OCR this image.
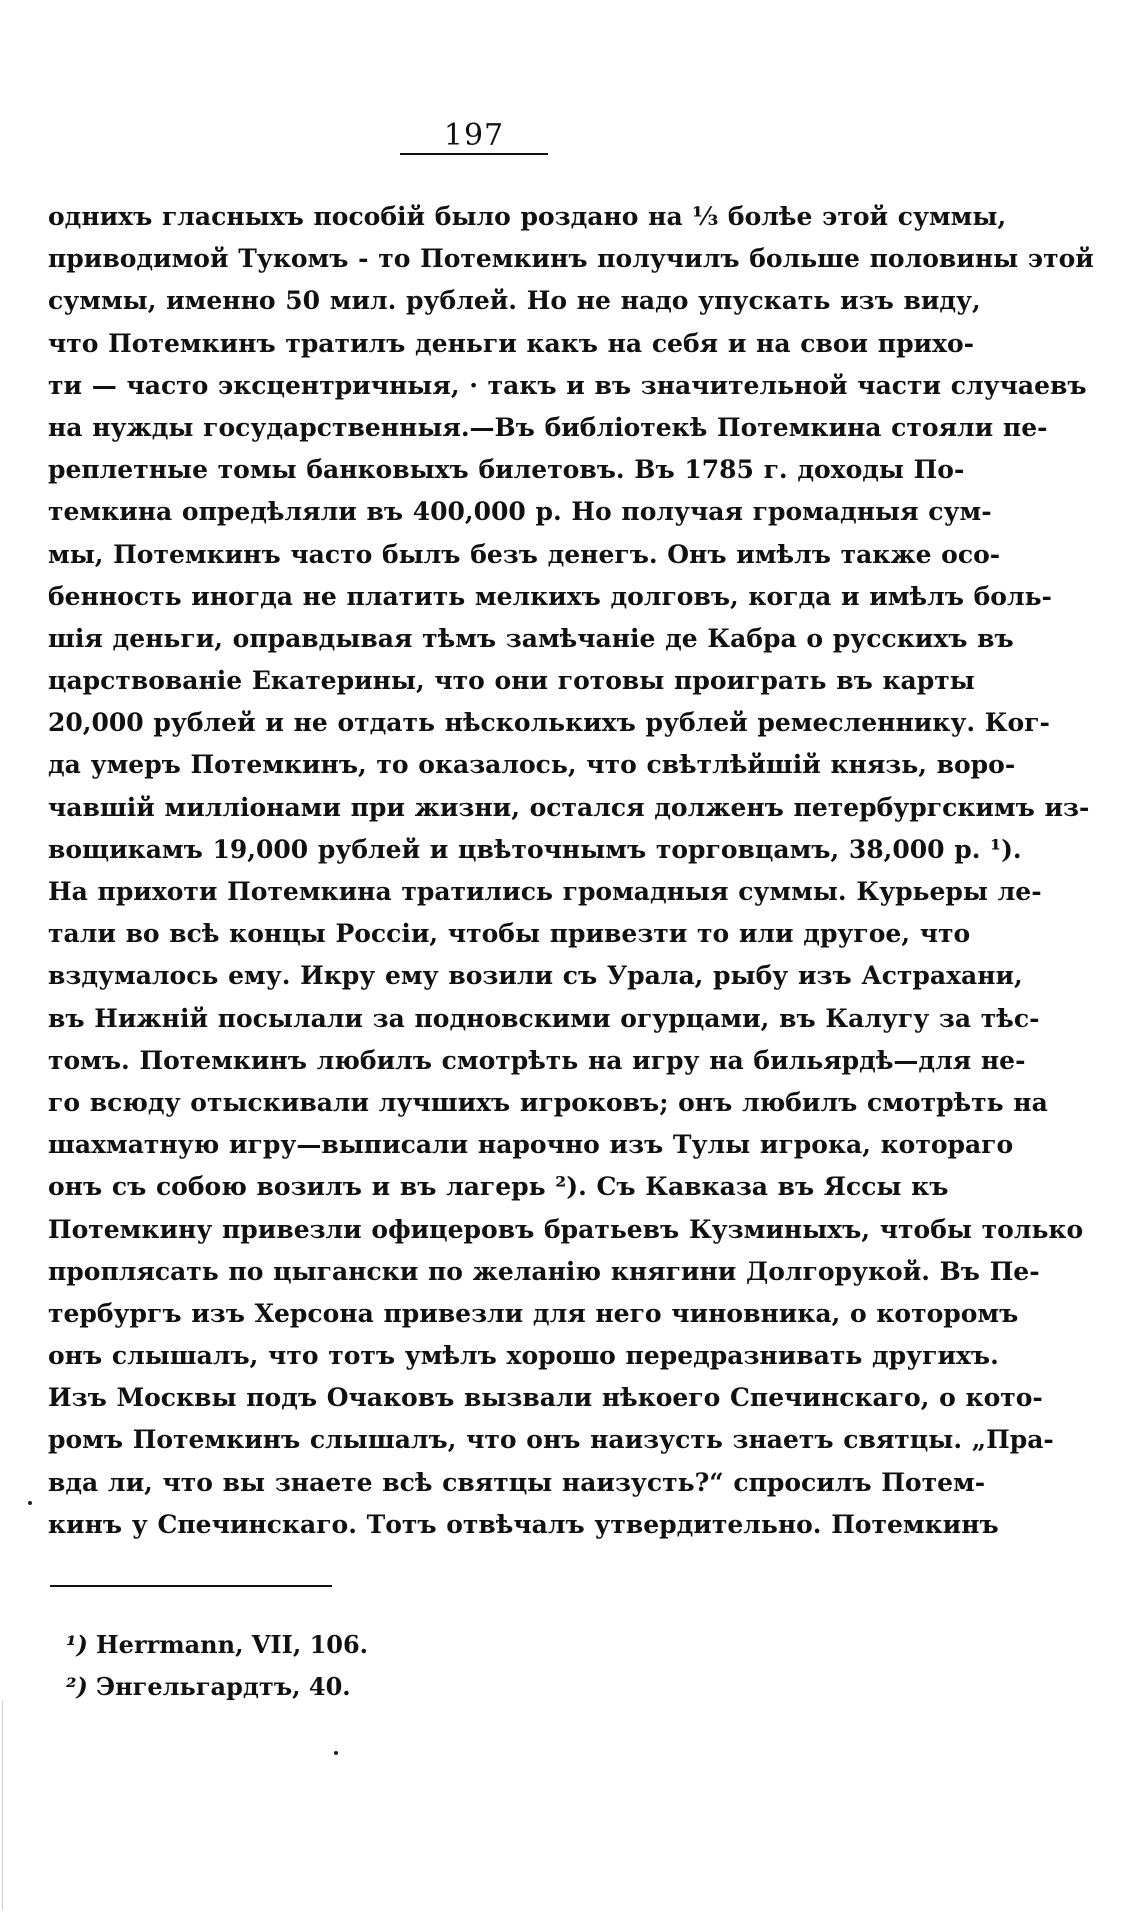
197
однихъ гласныхъ пособій было роздано на ⅓ болѣе этой суммы,
приводимой Тукомъ - то Потемкинъ получилъ больше половины этой
суммы, именно 50 мил. рублей. Но не надо упускать изъ виду,
что Потемкинъ тратилъ деньги какъ на себя и на свои прихо-
ти — часто эксцентричныя, · такъ и въ значительной части случаевъ
на нужды государственныя.—Въ библіотекѣ Потемкина стояли пе-
реплетные томы банковыхъ билетовъ. Въ 1785 г. доходы По-
темкина опредѣляли въ 400,000 р. Но получая громадныя сум-
мы, Потемкинъ часто былъ безъ денегъ. Онъ имѣлъ также осо-
бенность иногда не платить мелкихъ долговъ, когда и имѣлъ боль-
шія деньги, оправдывая тѣмъ замѣчаніе де Кабра о русскихъ въ
царствованіе Екатерины, что они готовы проиграть въ карты
20,000 рублей и не отдать нѣсколькихъ рублей ремесленнику. Ког-
да умеръ Потемкинъ, то оказалось, что свѣтлѣйшій князь, воро-
чавшій милліонами при жизни, остался долженъ петербургскимъ из-
вощикамъ 19,000 рублей и цвѣточнымъ торговцамъ, 38,000 р. ¹).
На прихоти Потемкина тратились громадныя суммы. Курьеры ле-
тали во всѣ концы Россіи, чтобы привезти то или другое, что
вздумалось ему. Икру ему возили съ Урала, рыбу изъ Астрахани,
въ Нижній посылали за подновскими огурцами, въ Калугу за тѣс-
томъ. Потемкинъ любилъ смотрѣть на игру на бильярдѣ—для не-
го всюду отыскивали лучшихъ игроковъ; онъ любилъ смотрѣть на
шахматную игру—выписали нарочно изъ Тулы игрока, котораго
онъ съ собою возилъ и въ лагерь ²). Съ Кавказа въ Яссы къ
Потемкину привезли офицеровъ братьевъ Кузминыхъ, чтобы только
проплясать по цыгански по желанію княгини Долгорукой. Въ Пе-
тербургъ изъ Херсона привезли для него чиновника, о которомъ
онъ слышалъ, что тотъ умѣлъ хорошо передразнивать другихъ.
Изъ Москвы подъ Очаковъ вызвали нѣкоего Спечинскаго, о кото-
ромъ Потемкинъ слышалъ, что онъ наизусть знаетъ святцы. „Пра-
вда ли, что вы знаете всѣ святцы наизусть?“ спросилъ Потем-
кинъ у Спечинскаго. Тотъ отвѣчалъ утвердительно. Потемкинъ
¹) Herrmann, VII, 106.
²) Энгельгардтъ, 40.
